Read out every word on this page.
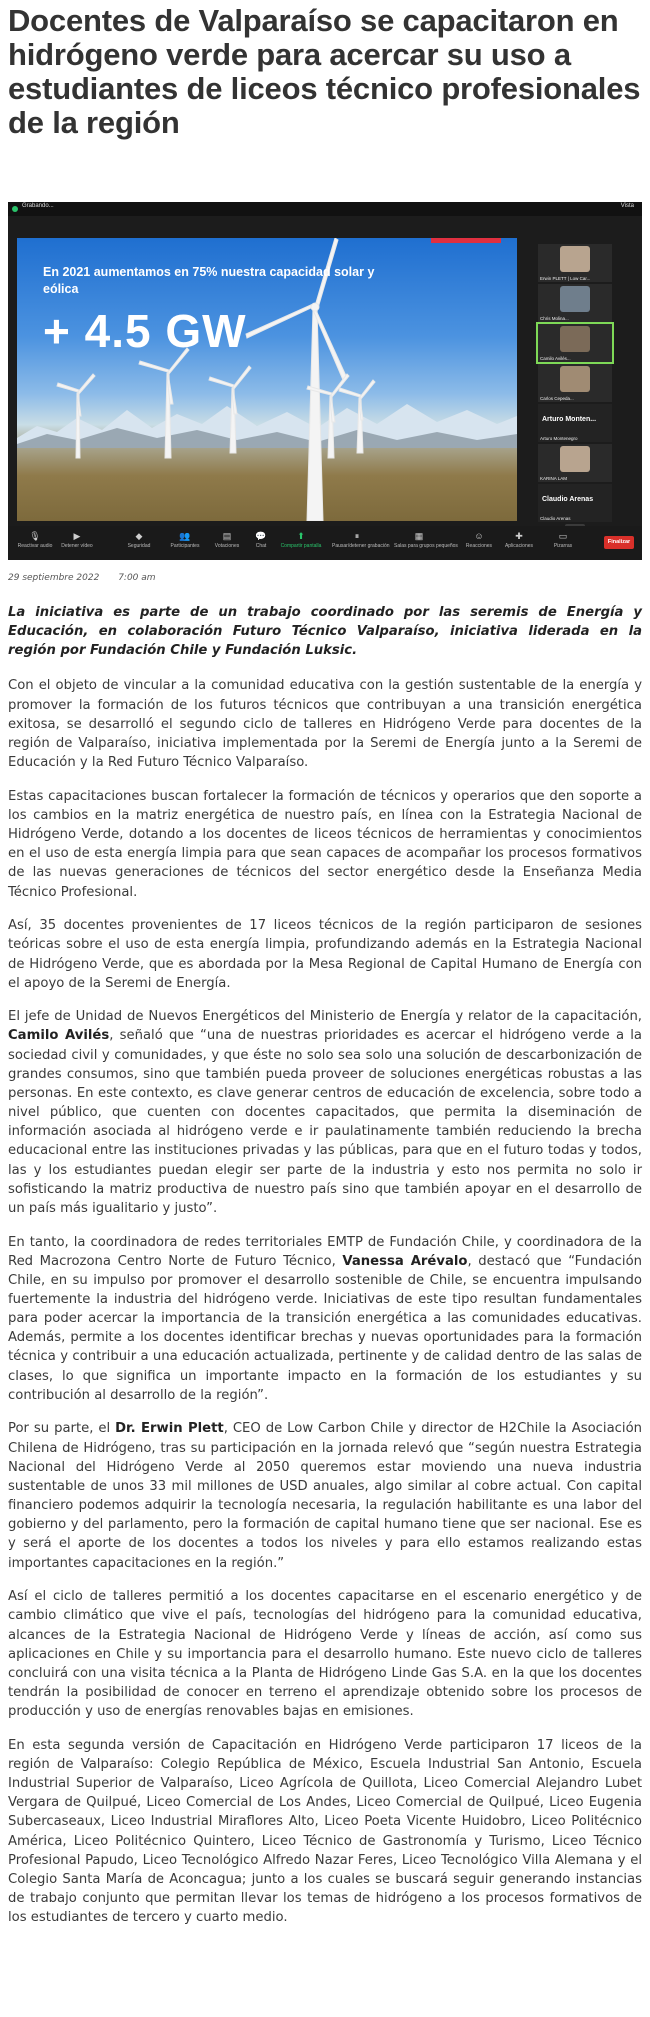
Docentes de Valparaíso se capacitaron en hidrógeno verde para acercar su uso a estudiantes de liceos técnico profesionales de la región
Grabando...	Vista
En 2021 aumentamos en 75% nuestra capacidad solar y eólica
+ 4.5 GW
Erwin PLETT | Low Car...
Chris Molina...
Camilo Avilés...
Carlos Cepeda...
Arturo Monten...
Arturo Montenegro
KARINA LAM
Claudio Arenas
Claudio Arenas
🎙
Reactivar audio
▶
Detener vídeo
◆
Seguridad
👥
Participantes
▤
Votaciones
💬
Chat
⬆
Compartir pantalla
⏸
Pausar/detener grabación
▦
Salas para grupos pequeños
☺
Reacciones
✚
Aplicaciones
▭
Pizarras
Finalizar
29 septiembre 2022 7:00 am

La iniciativa es parte de un trabajo coordinado por las seremis de Energía y Educación, en colaboración Futuro Técnico Valparaíso, iniciativa liderada en la región por Fundación Chile y Fundación Luksic.

Con el objeto de vincular a la comunidad educativa con la gestión sustentable de la energía y promover la formación de los futuros técnicos que contribuyan a una transición energética exitosa, se desarrolló el segundo ciclo de talleres en Hidrógeno Verde para docentes de la región de Valparaíso, iniciativa implementada por la Seremi de Energía junto a la Seremi de Educación y la Red Futuro Técnico Valparaíso.

Estas capacitaciones buscan fortalecer la formación de técnicos y operarios que den soporte a los cambios en la matriz energética de nuestro país, en línea con la Estrategia Nacional de Hidrógeno Verde, dotando a los docentes de liceos técnicos de herramientas y conocimientos en el uso de esta energía limpia para que sean capaces de acompañar los procesos formativos de las nuevas generaciones de técnicos del sector energético desde la Enseñanza Media Técnico Profesional.

Así, 35 docentes provenientes de 17 liceos técnicos de la región participaron de sesiones teóricas sobre el uso de esta energía limpia, profundizando además en la Estrategia Nacional de Hidrógeno Verde, que es abordada por la Mesa Regional de Capital Humano de Energía con el apoyo de la Seremi de Energía.

El jefe de Unidad de Nuevos Energéticos del Ministerio de Energía y relator de la capacitación, Camilo Avilés, señaló que “una de nuestras prioridades es acercar el hidrógeno verde a la sociedad civil y comunidades, y que éste no solo sea solo una solución de descarbonización de grandes consumos, sino que también pueda proveer de soluciones energéticas robustas a las personas. En este contexto, es clave generar centros de educación de excelencia, sobre todo a nivel público, que cuenten con docentes capacitados, que permita la diseminación de información asociada al hidrógeno verde e ir paulatinamente también reduciendo la brecha educacional entre las instituciones privadas y las públicas, para que en el futuro todas y todos, las y los estudiantes puedan elegir ser parte de la industria y esto nos permita no solo ir sofisticando la matriz productiva de nuestro país sino que también apoyar en el desarrollo de un país más igualitario y justo”.

En tanto, la coordinadora de redes territoriales EMTP de Fundación Chile, y coordinadora de la Red Macrozona Centro Norte de Futuro Técnico, Vanessa Arévalo, destacó que “Fundación Chile, en su impulso por promover el desarrollo sostenible de Chile, se encuentra impulsando fuertemente la industria del hidrógeno verde. Iniciativas de este tipo resultan fundamentales para poder acercar la importancia de la transición energética a las comunidades educativas. Además, permite a los docentes identificar brechas y nuevas oportunidades para la formación técnica y contribuir a una educación actualizada, pertinente y de calidad dentro de las salas de clases, lo que significa un importante impacto en la formación de los estudiantes y su contribución al desarrollo de la región”.

Por su parte, el Dr. Erwin Plett, CEO de Low Carbon Chile y director de H2Chile la Asociación Chilena de Hidrógeno, tras su participación en la jornada relevó que “según nuestra Estrategia Nacional del Hidrógeno Verde al 2050 queremos estar moviendo una nueva industria sustentable de unos 33 mil millones de USD anuales, algo similar al cobre actual. Con capital financiero podemos adquirir la tecnología necesaria, la regulación habilitante es una labor del gobierno y del parlamento, pero la formación de capital humano tiene que ser nacional. Ese es y será el aporte de los docentes a todos los niveles y para ello estamos realizando estas importantes capacitaciones en la región.”

Así el ciclo de talleres permitió a los docentes capacitarse en el escenario energético y de cambio climático que vive el país, tecnologías del hidrógeno para la comunidad educativa, alcances de la Estrategia Nacional de Hidrógeno Verde y líneas de acción, así como sus aplicaciones en Chile y su importancia para el desarrollo humano. Este nuevo ciclo de talleres concluirá con una visita técnica a la Planta de Hidrógeno Linde Gas S.A. en la que los docentes tendrán la posibilidad de conocer en terreno el aprendizaje obtenido sobre los procesos de producción y uso de energías renovables bajas en emisiones.

En esta segunda versión de Capacitación en Hidrógeno Verde participaron 17 liceos de la región de Valparaíso: Colegio República de México, Escuela Industrial San Antonio, Escuela Industrial Superior de Valparaíso, Liceo Agrícola de Quillota, Liceo Comercial Alejandro Lubet Vergara de Quilpué, Liceo Comercial de Los Andes, Liceo Comercial de Quilpué, Liceo Eugenia Subercaseaux, Liceo Industrial Miraflores Alto, Liceo Poeta Vicente Huidobro, Liceo Politécnico América, Liceo Politécnico Quintero, Liceo Técnico de Gastronomía y Turismo, Liceo Técnico Profesional Papudo, Liceo Tecnológico Alfredo Nazar Feres, Liceo Tecnológico Villa Alemana y el Colegio Santa María de Aconcagua; junto a los cuales se buscará seguir generando instancias de trabajo conjunto que permitan llevar los temas de hidrógeno a los procesos formativos de los estudiantes de tercero y cuarto medio.
